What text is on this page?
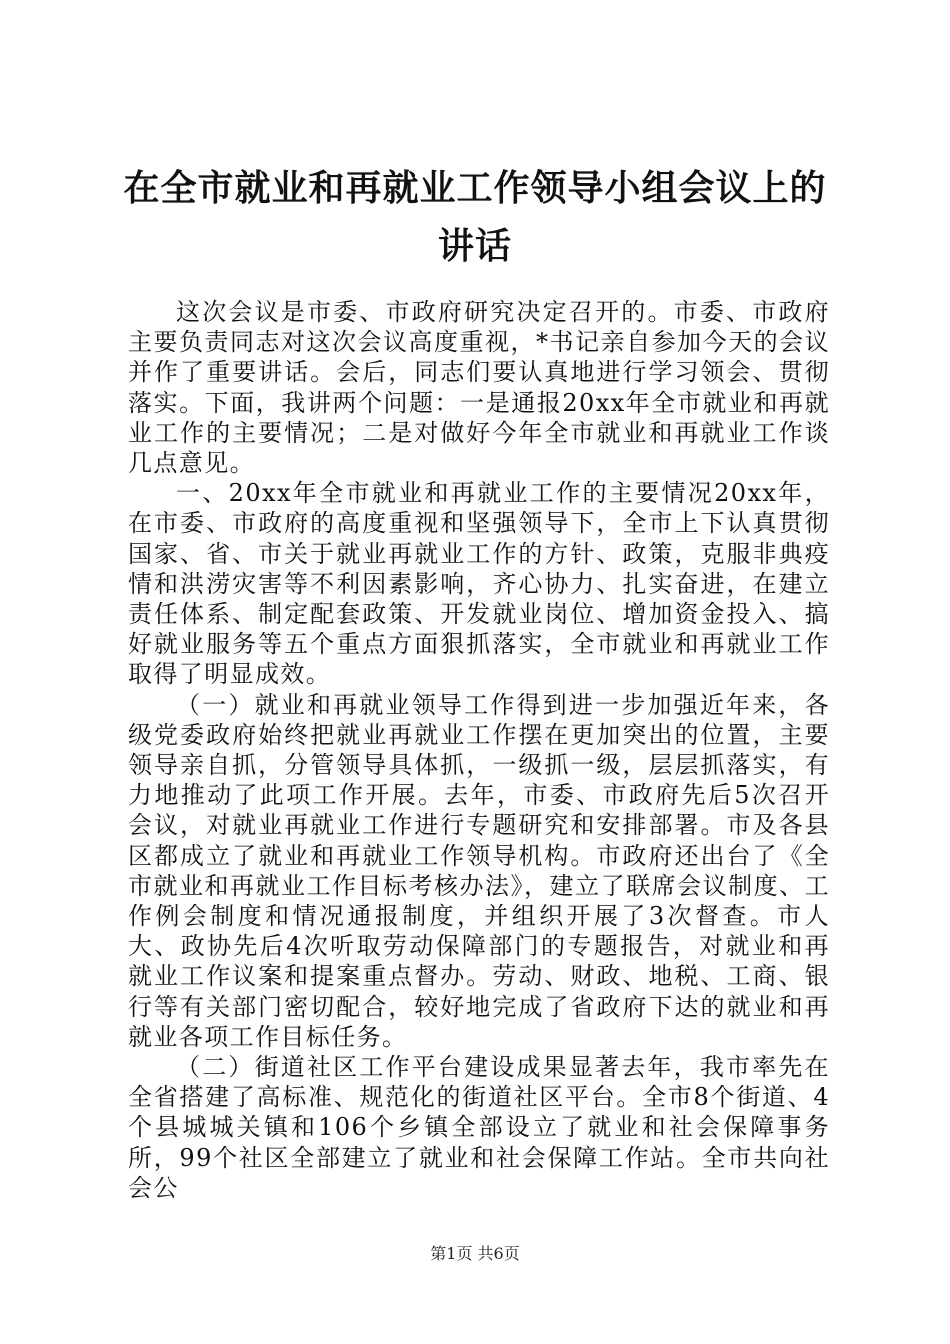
在全市就业和再就业工作领导小组会议上的讲话

这次会议是市委、市政府研究决定召开的。市委、市政府主要负责同志对这次会议高度重视，*书记亲自参加今天的会议并作了重要讲话。会后，同志们要认真地进行学习领会、贯彻落实。下面，我讲两个问题：一是通报20xx年全市就业和再就业工作的主要情况；二是对做好今年全市就业和再就业工作谈几点意见。

一、20xx年全市就业和再就业工作的主要情况20xx年，在市委、市政府的高度重视和坚强领导下，全市上下认真贯彻国家、省、市关于就业再就业工作的方针、政策，克服非典疫情和洪涝灾害等不利因素影响，齐心协力、扎实奋进，在建立责任体系、制定配套政策、开发就业岗位、增加资金投入、搞好就业服务等五个重点方面狠抓落实，全市就业和再就业工作取得了明显成效。

（一）就业和再就业领导工作得到进一步加强近年来，各级党委政府始终把就业再就业工作摆在更加突出的位置，主要领导亲自抓，分管领导具体抓，一级抓一级，层层抓落实，有力地推动了此项工作开展。去年，市委、市政府先后5次召开会议，对就业再就业工作进行专题研究和安排部署。市及各县区都成立了就业和再就业工作领导机构。市政府还出台了《全市就业和再就业工作目标考核办法》，建立了联席会议制度、工作例会制度和情况通报制度，并组织开展了3次督查。市人大、政协先后4次听取劳动保障部门的专题报告，对就业和再就业工作议案和提案重点督办。劳动、财政、地税、工商、银行等有关部门密切配合，较好地完成了省政府下达的就业和再就业各项工作目标任务。

（二）街道社区工作平台建设成果显著去年，我市率先在全省搭建了高标准、规范化的街道社区平台。全市8个街道、4个县城城关镇和106个乡镇全部设立了就业和社会保障事务所，99个社区全部建立了就业和社会保障工作站。全市共向社会公

第1页 共6页
